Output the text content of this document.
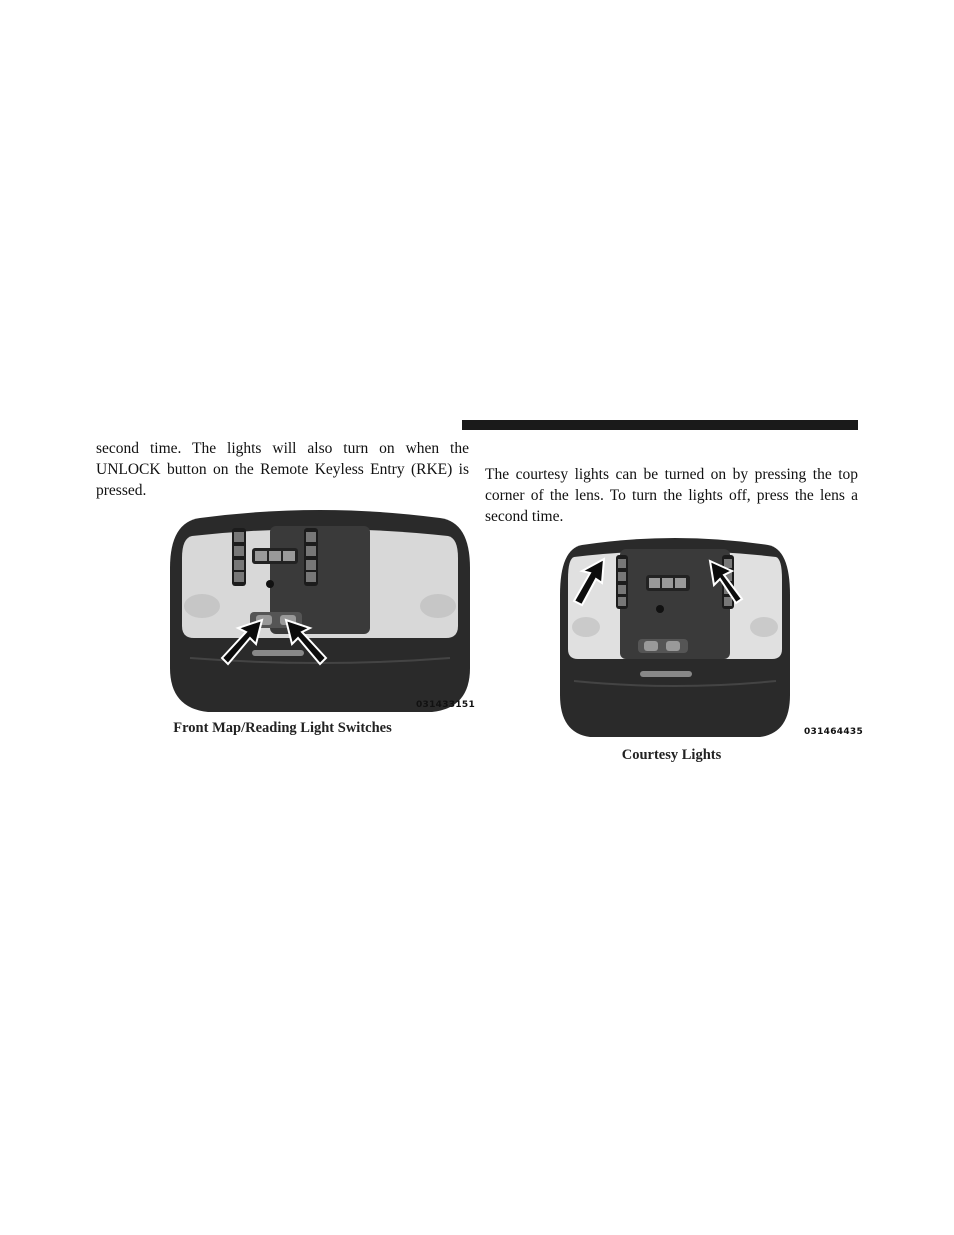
second time. The lights will also turn on when the UNLOCK button on the Remote Keyless Entry (RKE) is pressed.
031433151
Front Map/Reading Light Switches
The courtesy lights can be turned on by pressing the top corner of the lens. To turn the lights off, press the lens a second time.
031464435
Courtesy Lights
